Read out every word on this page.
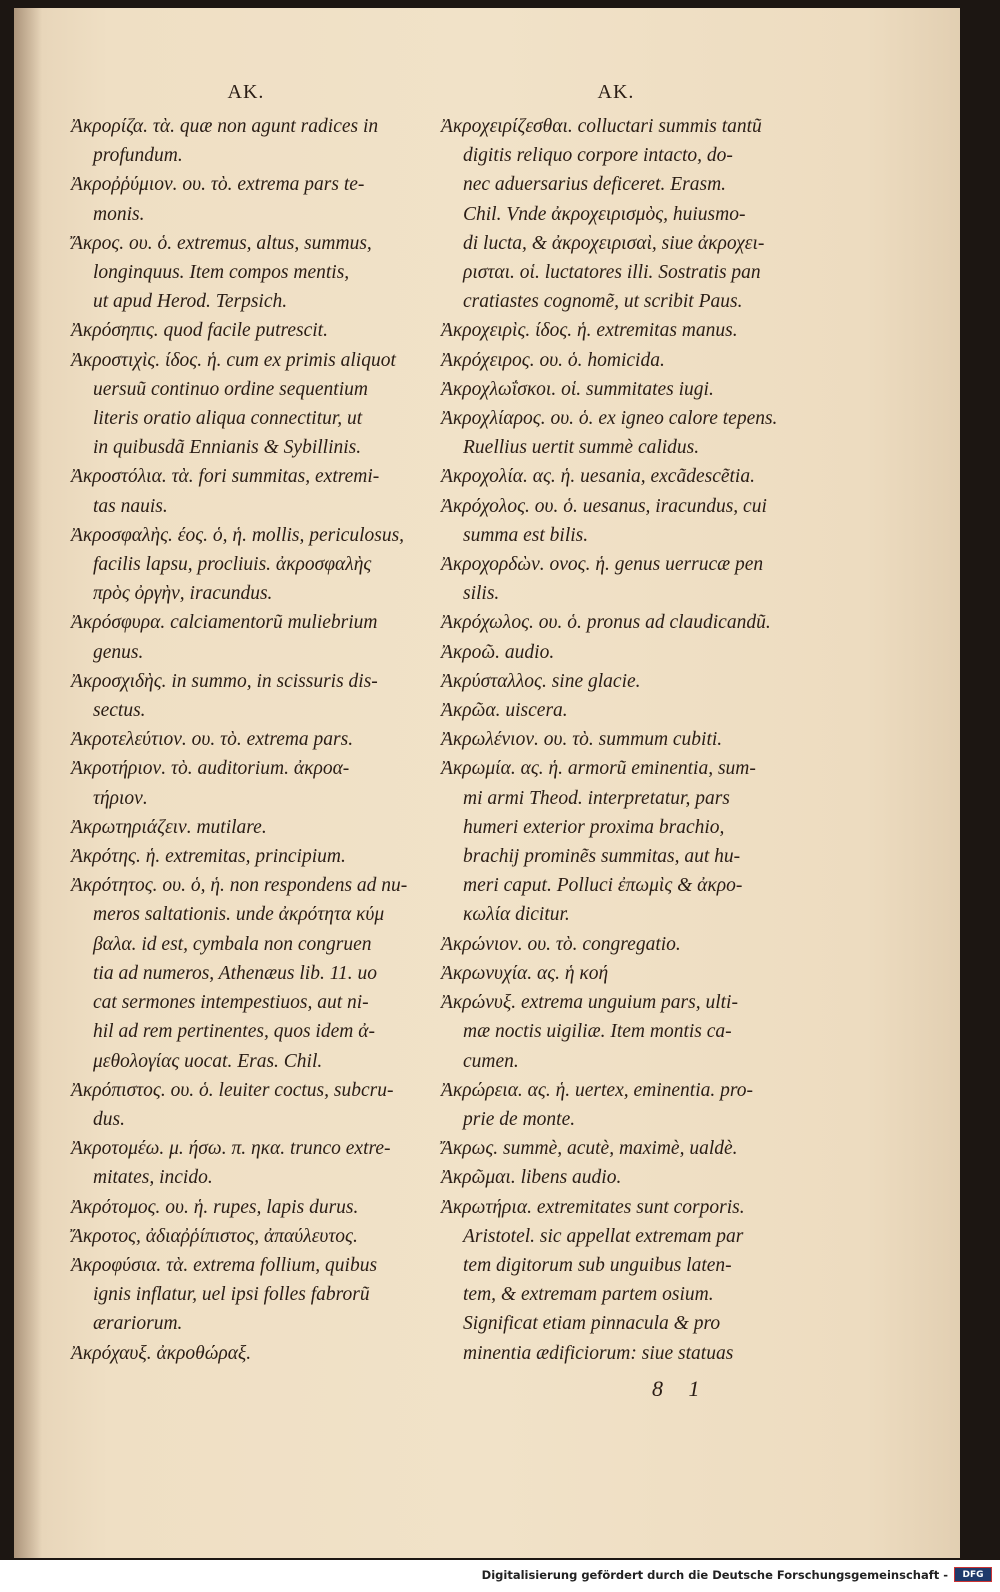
AK.
Ἀκρορίζα. τὰ. quæ non agunt radices in
profundum.
Ἀκροῤῥύμιον. ου. τὸ. extrema pars te-
monis.
Ἄκρος. ου. ὁ. extremus, altus, summus,
longinquus. Item compos mentis,
ut apud Herod. Terpsich.
Ἀκρόσηπις. quod facile putrescit.
Ἀκροστιχὶς. ίδος. ἡ. cum ex primis aliquot
uersuũ continuo ordine sequentium
literis oratio aliqua connectitur, ut
in quibusdã Ennianis & Sybillinis.
Ἀκροστόλια. τὰ. fori summitas, extremi-
tas nauis.
Ἀκροσφαλὴς. έος. ὁ, ἡ. mollis, periculosus,
facilis lapsu, procliuis. ἀκροσφαλὴς
πρὸς ὀργὴν, iracundus.
Ἀκρόσφυρα. calciamentorũ muliebrium
genus.
Ἀκροσχιδὴς. in summo, in scissuris dis-
sectus.
Ἀκροτελεύτιον. ου. τὸ. extrema pars.
Ἀκροτήριον. τὸ. auditorium. ἀκροα-
τήριον.
Ἀκρωτηριάζειν. mutilare.
Ἀκρότης. ἡ. extremitas, principium.
Ἀκρότητος. ου. ὁ, ἡ. non respondens ad nu-
meros saltationis. unde ἀκρότητα κύμ
βαλα. id est, cymbala non congruen
tia ad numeros, Athenæus lib. 11. uo
cat sermones intempestiuos, aut ni-
hil ad rem pertinentes, quos idem ἀ-
μεθολογίας uocat. Eras. Chil.
Ἀκρόπιστος. ου. ὁ. leuiter coctus, subcru-
dus.
Ἀκροτομέω. μ. ήσω. π. ηκα. trunco extre-
mitates, incido.
Ἀκρότομος. ου. ἡ. rupes, lapis durus.
Ἄκροτος, ἀδιαῤῥίπιστος, ἀπαύλευτος.
Ἀκροφύσια. τὰ. extrema follium, quibus
ignis inflatur, uel ipsi folles fabrorũ
ærariorum.
Ἀκρόχαυξ. ἀκροθώραξ.
AK.
Ἀκροχειρίζεσθαι. colluctari summis tantũ
digitis reliquo corpore intacto, do-
nec aduersarius deficeret. Erasm.
Chil. Vnde ἀκροχειρισμὸς, huiusmo-
di lucta, & ἀκροχειρισαὶ, siue ἀκροχει-
ρισται. οἱ. luctatores illi. Sostratis pan
cratiastes cognomẽ, ut scribit Paus.
Ἀκροχειρὶς. ίδος. ἡ. extremitas manus.
Ἀκρόχειρος. ου. ὁ. homicida.
Ἀκροχλωΐσκοι. οἱ. summitates iugi.
Ἀκροχλίαρος. ου. ὁ. ex igneo calore tepens.
Ruellius uertit summè calidus.
Ἀκροχολία. ας. ἡ. uesania, excãdescẽtia.
Ἀκρόχολος. ου. ὁ. uesanus, iracundus, cui
summa est bilis.
Ἀκροχορδὼν. ονος. ἡ. genus uerrucæ pen
silis.
Ἀκρόχωλος. ου. ὁ. pronus ad claudicandũ.
Ἀκροῶ. audio.
Ἀκρύσταλλος. sine glacie.
Ἀκρῶα. uiscera.
Ἀκρωλένιον. ου. τὸ. summum cubiti.
Ἀκρωμία. ας. ἡ. armorũ eminentia, sum-
mi armi Theod. interpretatur, pars
humeri exterior proxima brachio,
brachij prominẽs summitas, aut hu-
meri caput. Polluci ἐπωμὶς & ἀκρο-
κωλία dicitur.
Ἀκρώνιον. ου. τὸ. congregatio.
Ἀκρωνυχία. ας. ἡ κοή
Ἀκρώνυξ. extrema unguium pars, ulti-
mæ noctis uigiliæ. Item montis ca-
cumen.
Ἀκρώρεια. ας. ἡ. uertex, eminentia. pro-
prie de monte.
Ἄκρως. summè, acutè, maximè, ualdè.
Ἀκρῶμαι. libens audio.
Ἀκρωτήρια. extremitates sunt corporis.
Aristotel. sic appellat extremam par
tem digitorum sub unguibus laten-
tem, & extremam partem osium.
Significat etiam pinnacula & pro
minentia ædificiorum: siue statuas
8 1
Digitalisierung gefördert durch die Deutsche Forschungsgemeinschaft -	DFG
